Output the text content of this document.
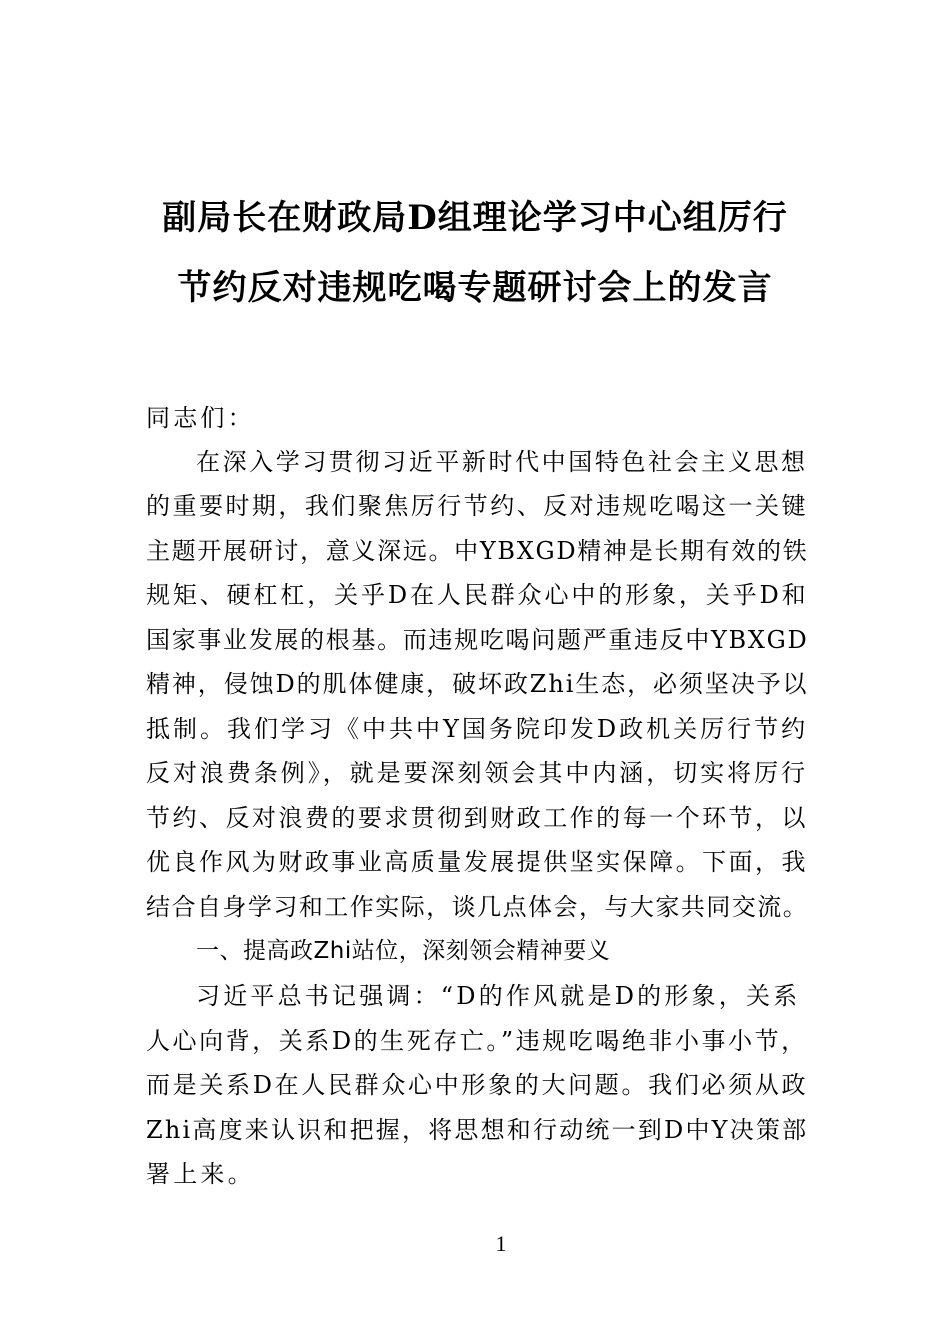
副局长在财政局D组理论学习中心组厉行
节约反对违规吃喝专题研讨会上的发言
同志们：
在深入学习贯彻习近平新时代中国特色社会主义思想
的重要时期，我们聚焦厉行节约、反对违规吃喝这一关键
主题开展研讨，意义深远。中YBXGD精神是长期有效的铁
规矩、硬杠杠，关乎D在人民群众心中的形象，关乎D和
国家事业发展的根基。而违规吃喝问题严重违反中YBXGD
精神，侵蚀D的肌体健康，破坏政Zhi生态，必须坚决予以
抵制。我们学习《中共中Y国务院印发D政机关厉行节约
反对浪费条例》，就是要深刻领会其中内涵，切实将厉行
节约、反对浪费的要求贯彻到财政工作的每一个环节，以
优良作风为财政事业高质量发展提供坚实保障。下面，我
结合自身学习和工作实际，谈几点体会，与大家共同交流。
一、提高政Zhi站位，深刻领会精神要义
习近平总书记强调：“D的作风就是D的形象，关系
人心向背，关系D的生死存亡。”违规吃喝绝非小事小节，
而是关系D在人民群众心中形象的大问题。我们必须从政
Zhi高度来认识和把握，将思想和行动统一到D中Y决策部
署上来。
1
